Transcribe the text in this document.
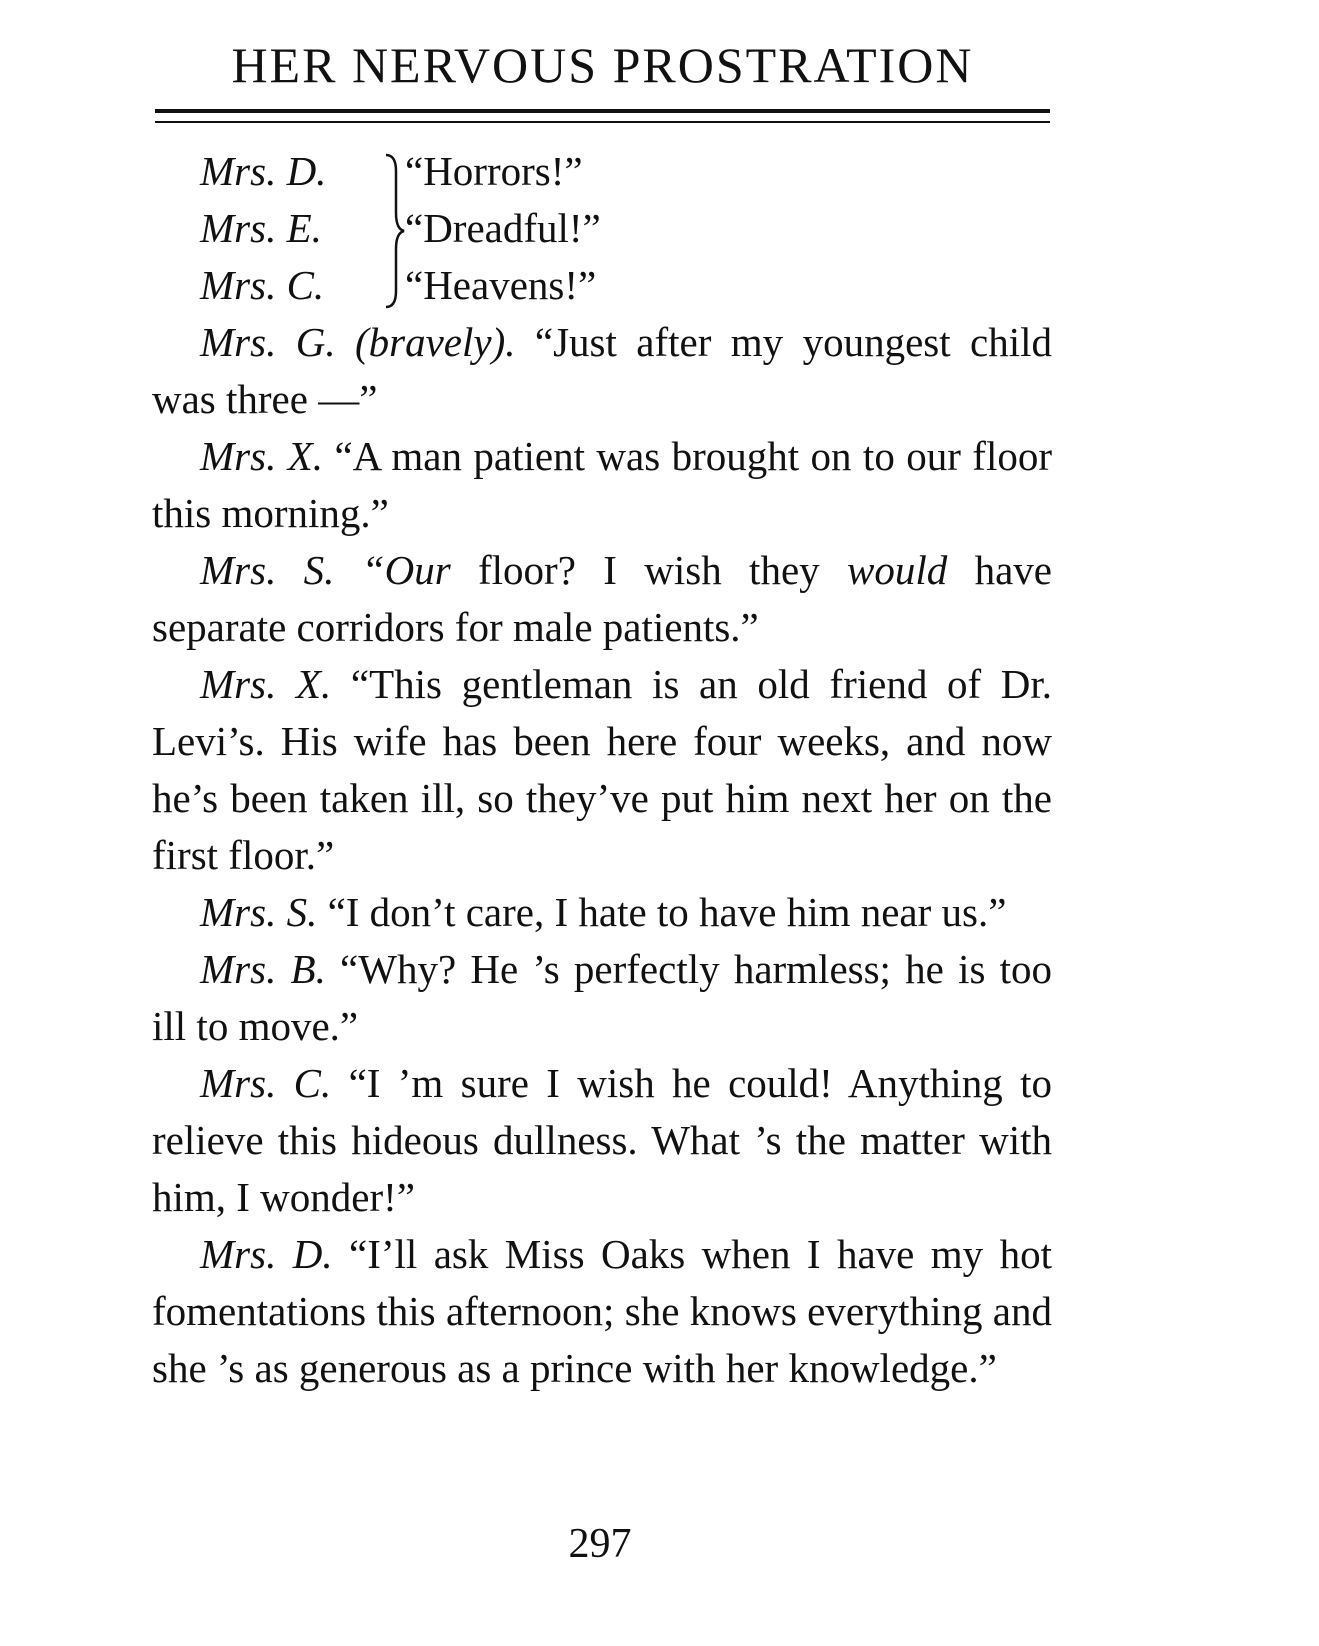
HER NERVOUS PROSTRATION
Mrs. D. “Horrors!”
Mrs. E. “Dreadful!”
Mrs. C. “Heavens!”

Mrs. G. (bravely). “Just after my youngest child was three —”

Mrs. X. “A man patient was brought on to our floor this morning.”

Mrs. S. “Our floor? I wish they would have separate corridors for male patients.”

Mrs. X. “This gentleman is an old friend of Dr. Levi’s. His wife has been here four weeks, and now he’s been taken ill, so they’ve put him next her on the first floor.”

Mrs. S. “I don’t care, I hate to have him near us.”

Mrs. B. “Why? He ’s perfectly harmless; he is too ill to move.”

Mrs. C. “I ’m sure I wish he could! Anything to relieve this hideous dullness. What ’s the matter with him, I wonder!”

Mrs. D. “I’ll ask Miss Oaks when I have my hot fomentations this afternoon; she knows everything and she ’s as generous as a prince with her knowledge.”

297
